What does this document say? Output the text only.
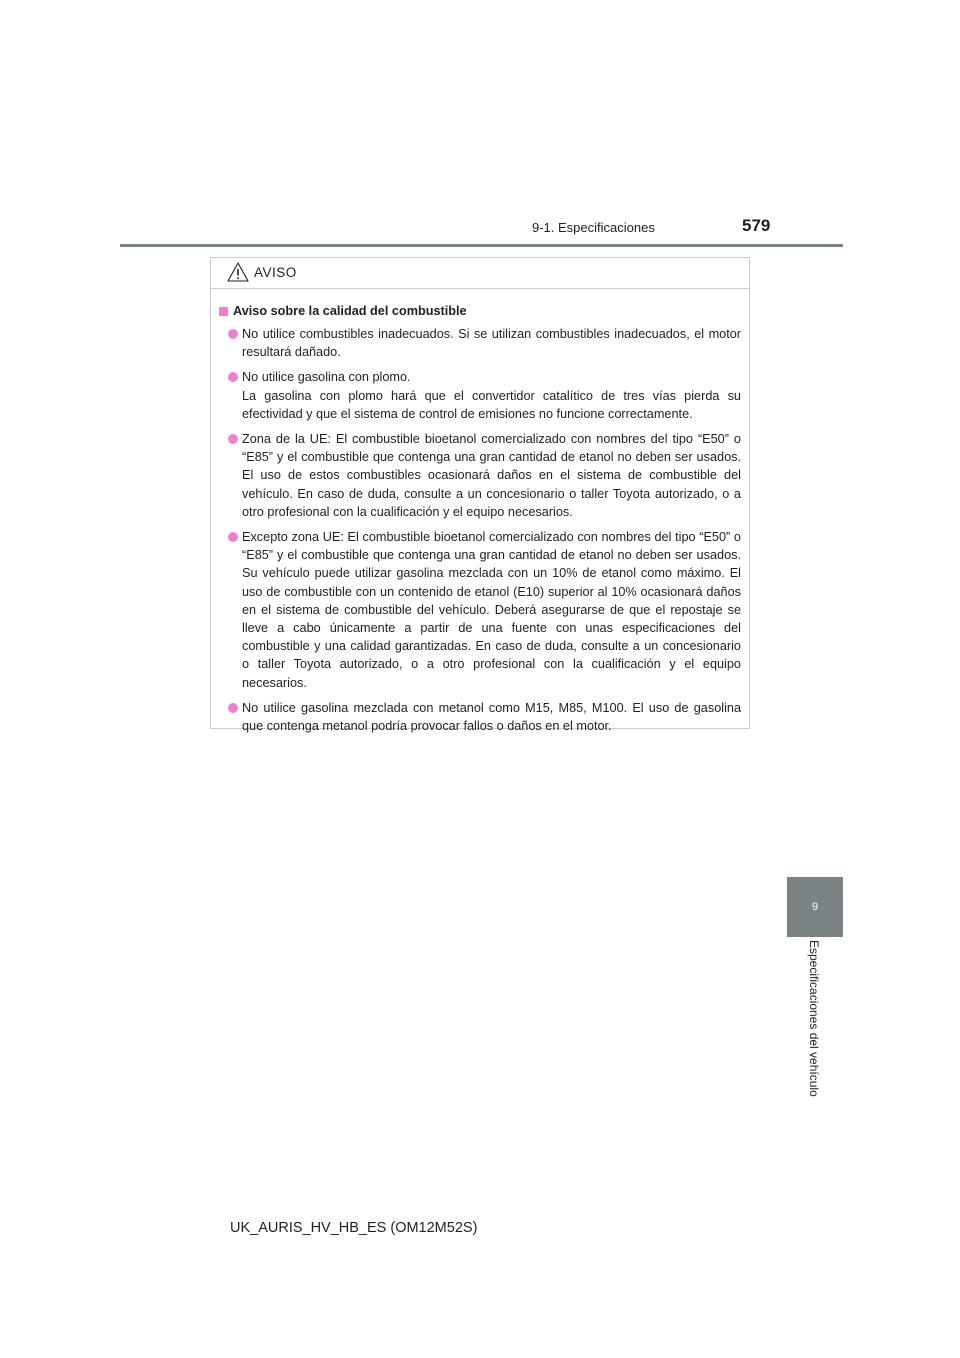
9-1. Especificaciones	579
9
Especificaciones del vehículo
AVISO
Aviso sobre la calidad del combustible

No utilice combustibles inadecuados. Si se utilizan combustibles inadecuados, el motor resultará dañado.

No utilice gasolina con plomo.

La gasolina con plomo hará que el convertidor catalítico de tres vías pierda su efectividad y que el sistema de control de emisiones no funcione correctamente.

Zona de la UE: El combustible bioetanol comercializado con nombres del tipo “E50” o “E85” y el combustible que contenga una gran cantidad de etanol no deben ser usados. El uso de estos combustibles ocasionará daños en el sistema de combustible del vehículo. En caso de duda, consulte a un concesionario o taller Toyota autorizado, o a otro profesional con la cualificación y el equipo necesarios.

Excepto zona UE: El combustible bioetanol comercializado con nombres del tipo “E50” o “E85” y el combustible que contenga una gran cantidad de etanol no deben ser usados. Su vehículo puede utilizar gasolina mezclada con un 10% de etanol como máximo. El uso de combustible con un contenido de etanol (E10) superior al 10% ocasionará daños en el sistema de combustible del vehículo. Deberá asegurarse de que el repostaje se lleve a cabo únicamente a partir de una fuente con unas especificaciones del combustible y una calidad garantizadas. En caso de duda, consulte a un concesionario o taller Toyota autorizado, o a otro profesional con la cualificación y el equipo necesarios.

No utilice gasolina mezclada con metanol como M15, M85, M100. El uso de gasolina que contenga metanol podría provocar fallos o daños en el motor.

UK_AURIS_HV_HB_ES (OM12M52S)
